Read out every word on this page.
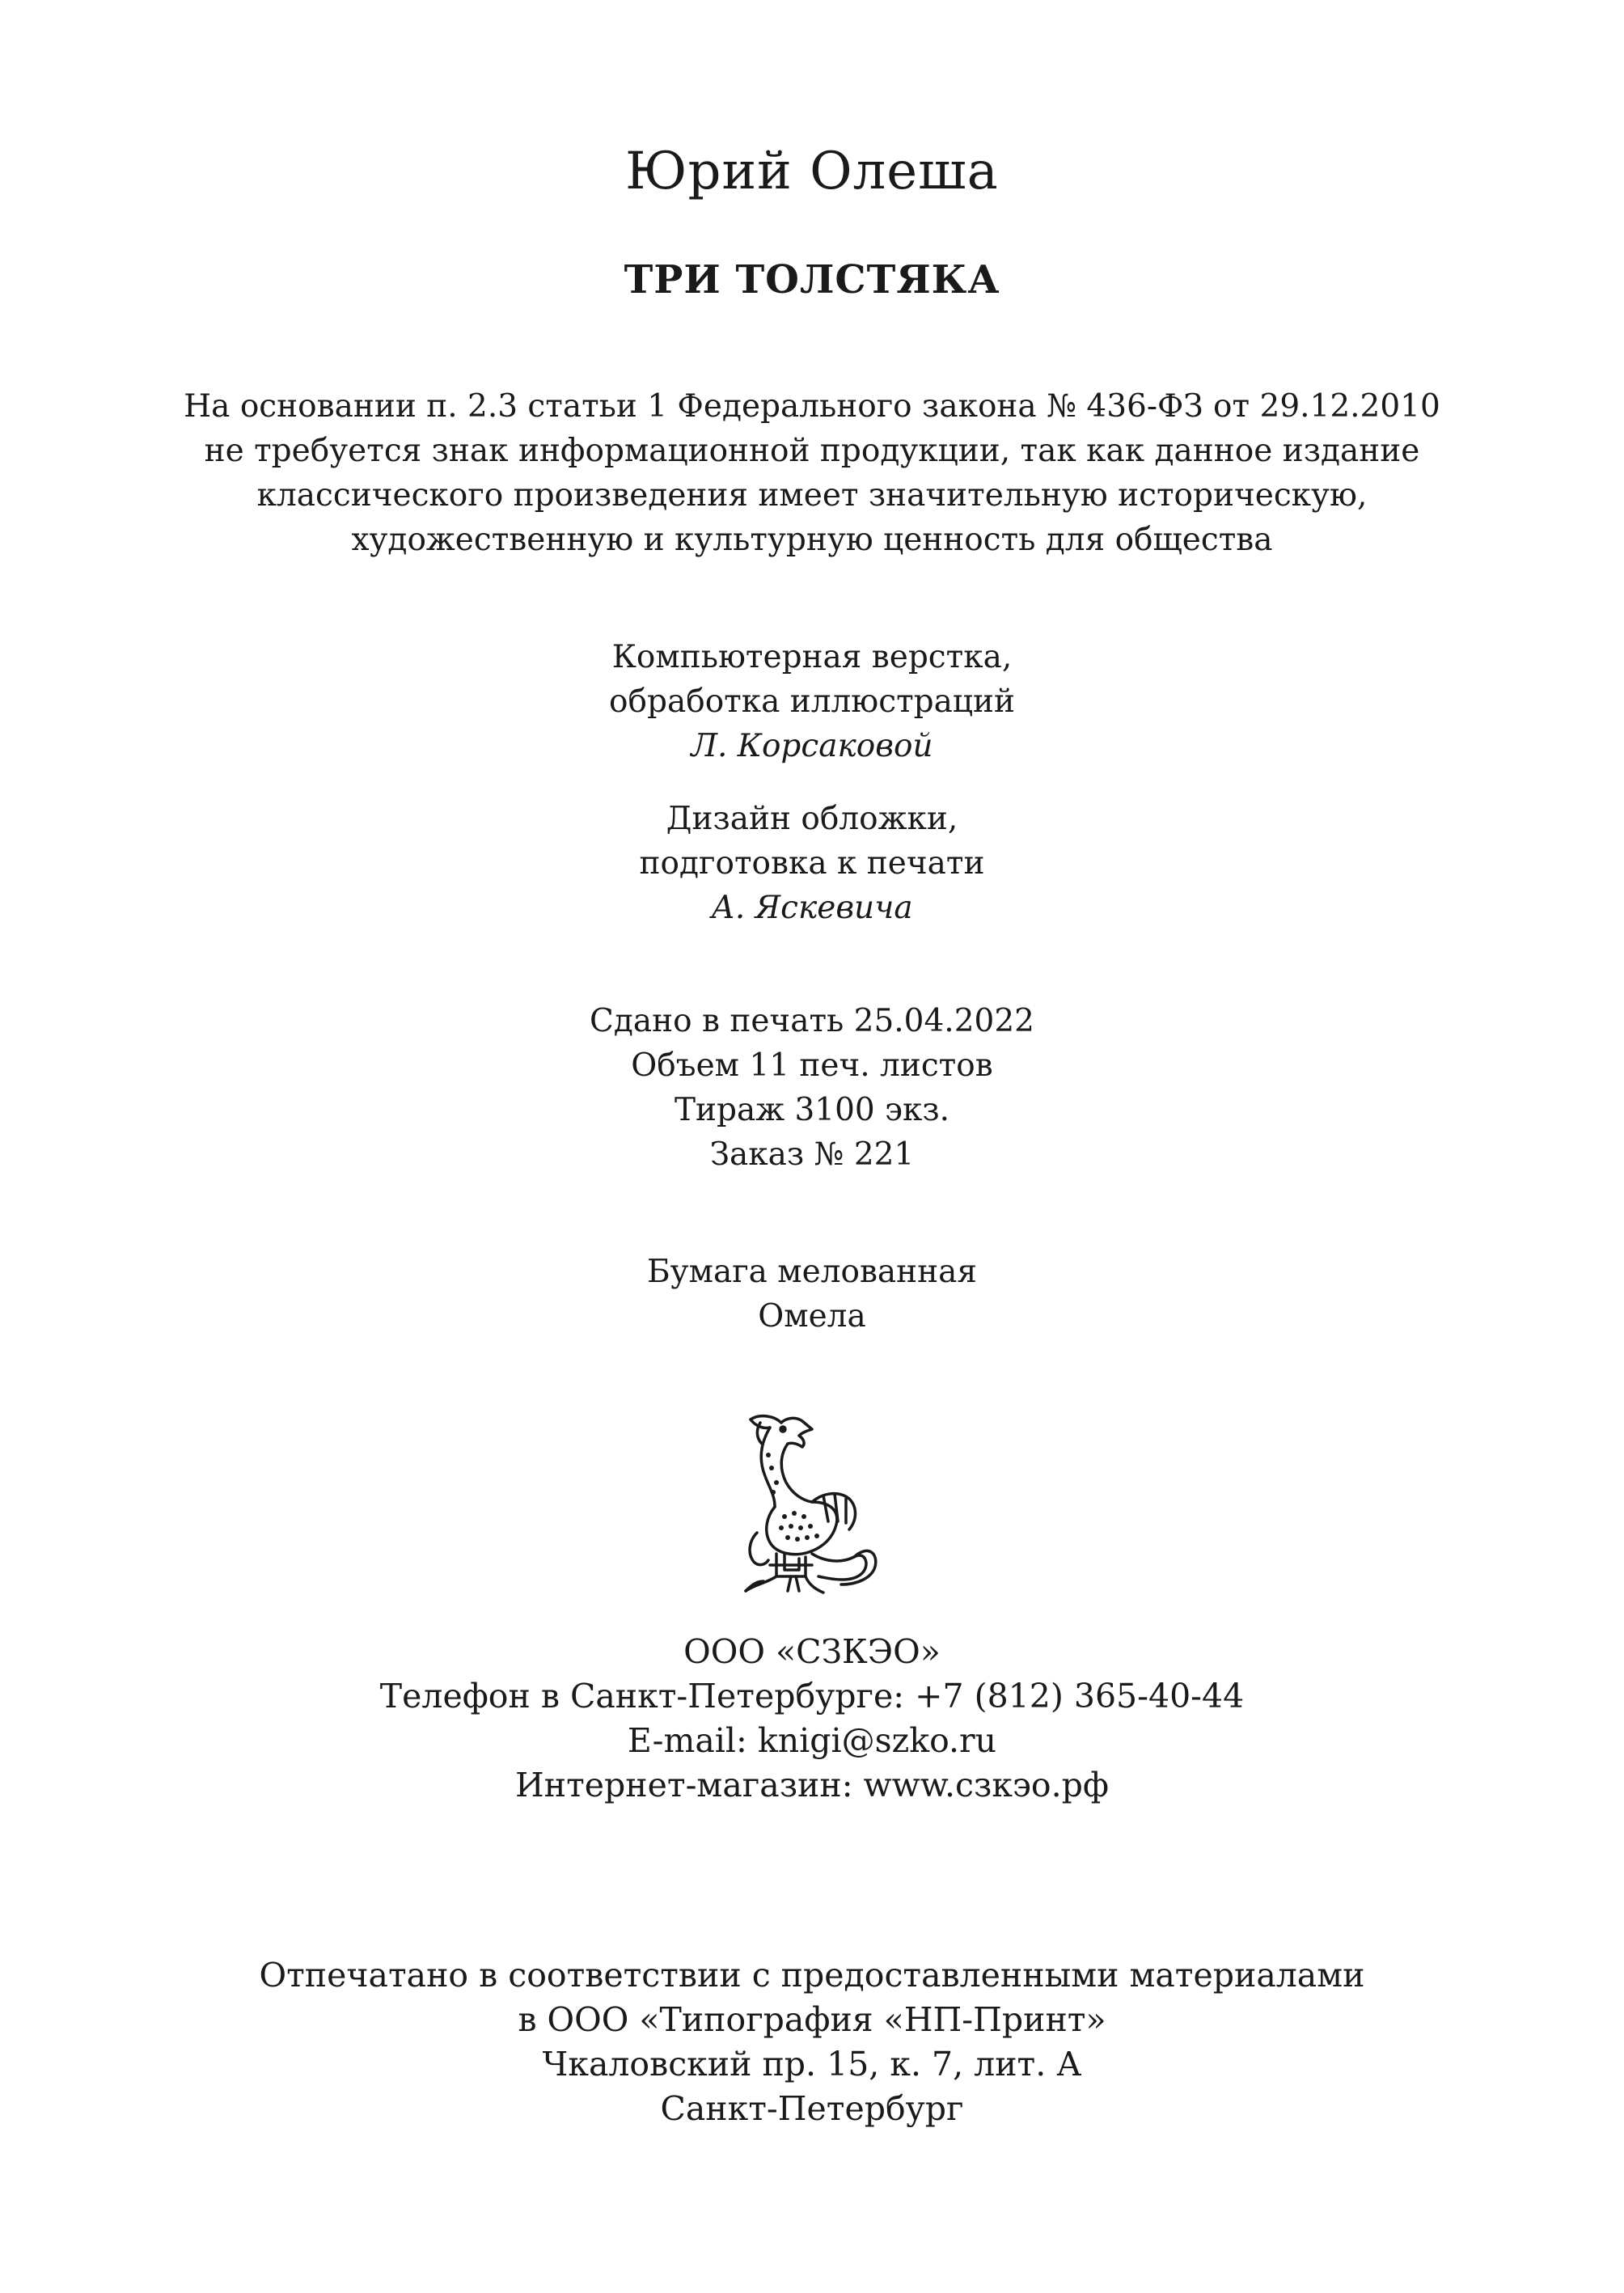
Юрий Олеша
ТРИ ТОЛСТЯКА
На основании п. 2.3 статьи 1 Федерального закона № 436-ФЗ от 29.12.2010
не требуется знак информационной продукции, так как данное издание
классического произведения имеет значительную историческую,
художественную и культурную ценность для общества
Компьютерная верстка,
обработка иллюстраций
Л. Корсаковой
Дизайн обложки,
подготовка к печати
А. Яскевича
Сдано в печать 25.04.2022
Объем 11 печ. листов
Тираж 3100 экз.
Заказ № 221
Бумага мелованная
Омела
ООО «СЗКЭО»
Телефон в Санкт-Петербурге: +7 (812) 365-40-44
E-mail: knigi@szko.ru
Интернет-магазин: www.сзкэо.рф
Отпечатано в соответствии с предоставленными материалами
в ООО «Типография «НП-Принт»
Чкаловский пр. 15, к. 7, лит. А
Санкт-Петербург
